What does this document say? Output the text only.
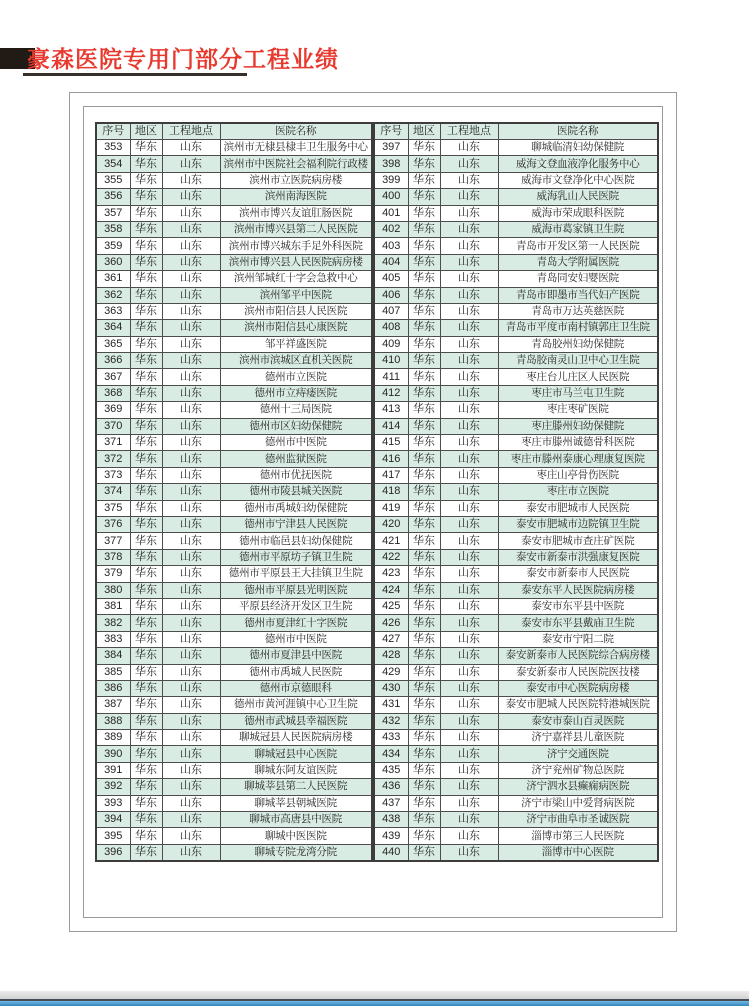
豪森医院专用门部分工程业绩
序号	地区	工程地点	医院名称
353	华东	山东	滨州市无棣县棣丰卫生服务中心
354	华东	山东	滨州市中医院社会福利院行政楼
355	华东	山东	滨州市立医院病房楼
356	华东	山东	滨州南海医院
357	华东	山东	滨州市博兴友谊肛肠医院
358	华东	山东	滨州市博兴县第二人民医院
359	华东	山东	滨州市博兴城东手足外科医院
360	华东	山东	滨州市博兴县人民医院病房楼
361	华东	山东	滨州邹城红十字会急救中心
362	华东	山东	滨州邹平中医院
363	华东	山东	滨州市阳信县人民医院
364	华东	山东	滨州市阳信县心康医院
365	华东	山东	邹平祥盛医院
366	华东	山东	滨州市滨城区直机关医院
367	华东	山东	德州市立医院
368	华东	山东	德州市立痔瘘医院
369	华东	山东	德州十三局医院
370	华东	山东	德州市区妇幼保健院
371	华东	山东	德州市中医院
372	华东	山东	德州监狱医院
373	华东	山东	德州市优抚医院
374	华东	山东	德州市陵县城关医院
375	华东	山东	德州市禹城妇幼保健院
376	华东	山东	德州市宁津县人民医院
377	华东	山东	德州市临邑县妇幼保健院
378	华东	山东	德州市平原坊子镇卫生院
379	华东	山东	德州市平原县王大挂镇卫生院
380	华东	山东	德州市平原县光明医院
381	华东	山东	平原县经济开发区卫生院
382	华东	山东	德州市夏津红十字医院
383	华东	山东	德州市中医院
384	华东	山东	德州市夏津县中医院
385	华东	山东	德州市禹城人民医院
386	华东	山东	德州市京德眼科
387	华东	山东	德州市黄河涯镇中心卫生院
388	华东	山东	德州市武城县幸福医院
389	华东	山东	聊城冠县人民医院病房楼
390	华东	山东	聊城冠县中心医院
391	华东	山东	聊城东阿友谊医院
392	华东	山东	聊城莘县第二人民医院
393	华东	山东	聊城莘县朝城医院
394	华东	山东	聊城市高唐县中医院
395	华东	山东	聊城中医医院
396	华东	山东	聊城专院龙湾分院
序号	地区	工程地点	医院名称
397	华东	山东	聊城临清妇幼保健院
398	华东	山东	威海文登血液净化服务中心
399	华东	山东	威海市文登净化中心医院
400	华东	山东	威海乳山人民医院
401	华东	山东	威海市荣成眼科医院
402	华东	山东	威海市葛家镇卫生院
403	华东	山东	青岛市开发区第一人民医院
404	华东	山东	青岛大学附属医院
405	华东	山东	青岛同安妇婴医院
406	华东	山东	青岛市即墨市当代妇产医院
407	华东	山东	青岛市万达英慈医院
408	华东	山东	青岛市平度市南村镇郭庄卫生院
409	华东	山东	青岛胶州妇幼保健院
410	华东	山东	青岛胶南灵山卫中心卫生院
411	华东	山东	枣庄台儿庄区人民医院
412	华东	山东	枣庄市马兰屯卫生院
413	华东	山东	枣庄枣矿医院
414	华东	山东	枣庄滕州妇幼保健院
415	华东	山东	枣庄市滕州诚德骨科医院
416	华东	山东	枣庄市滕州泰康心理康复医院
417	华东	山东	枣庄山亭骨伤医院
418	华东	山东	枣庄市立医院
419	华东	山东	泰安市肥城市人民医院
420	华东	山东	泰安市肥城市边院镇卫生院
421	华东	山东	泰安市肥城市查庄矿医院
422	华东	山东	泰安市新泰市洪强康复医院
423	华东	山东	泰安市新泰市人民医院
424	华东	山东	泰安东平人民医院病房楼
425	华东	山东	泰安市东平县中医院
426	华东	山东	泰安市东平县戴庙卫生院
427	华东	山东	泰安市宁阳二院
428	华东	山东	泰安新泰市人民医院综合病房楼
429	华东	山东	泰安新泰市人民医院医技楼
430	华东	山东	泰安市中心医院病房楼
431	华东	山东	泰安市肥城人民医院特港城医院
432	华东	山东	泰安市泰山百灵医院
433	华东	山东	济宁嘉祥县儿童医院
434	华东	山东	济宁交通医院
435	华东	山东	济宁兖州矿物总医院
436	华东	山东	济宁泗水县癫痫病医院
437	华东	山东	济宁市梁山中爱肾病医院
438	华东	山东	济宁市曲阜市圣诚医院
439	华东	山东	淄博市第三人民医院
440	华东	山东	淄博市中心医院
